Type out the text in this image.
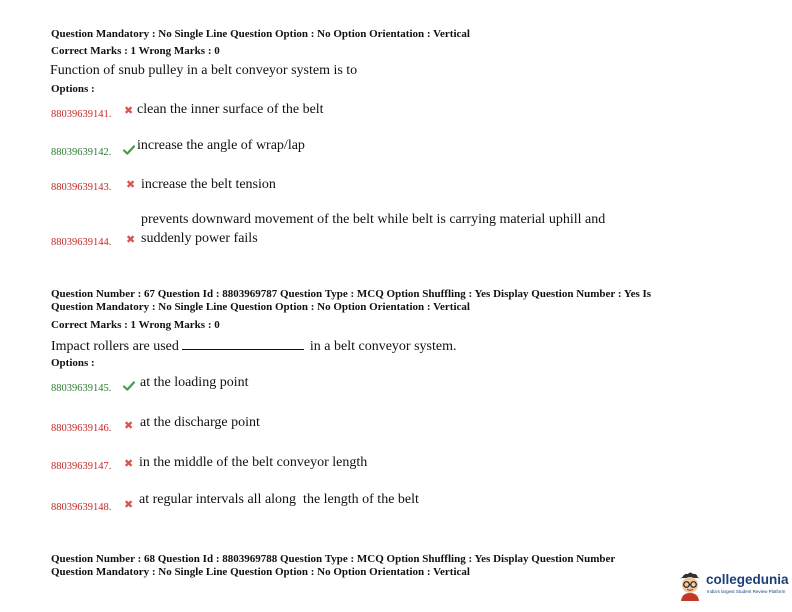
Question Mandatory : No Single Line Question Option : No Option Orientation : Vertical
Correct Marks : 1 Wrong Marks : 0
Function of snub pulley in a belt conveyor system is to
Options :
88039639141. ✖ clean the inner surface of the belt
88039639142. increase the angle of wrap/lap
88039639143. ✖ increase the belt tension
prevents downward movement of the belt while belt is carrying material uphill and
88039639144. ✖ suddenly power fails
Question Number : 67 Question Id : 8803969787 Question Type : MCQ Option Shuffling : Yes Display Question Number : Yes Is
Question Mandatory : No Single Line Question Option : No Option Orientation : Vertical
Correct Marks : 1 Wrong Marks : 0
Impact rollers are used	in a belt conveyor system.
Options :
88039639145. at the loading point
88039639146. ✖ at the discharge point
88039639147. ✖ in the middle of the belt conveyor length
88039639148. ✖ at regular intervals all along  the length of the belt
Question Number : 68 Question Id : 8803969788 Question Type : MCQ Option Shuffling : Yes Display Question Number
Question Mandatory : No Single Line Question Option : No Option Orientation : Vertical	collegedunia
India's largest Student Review Platform
